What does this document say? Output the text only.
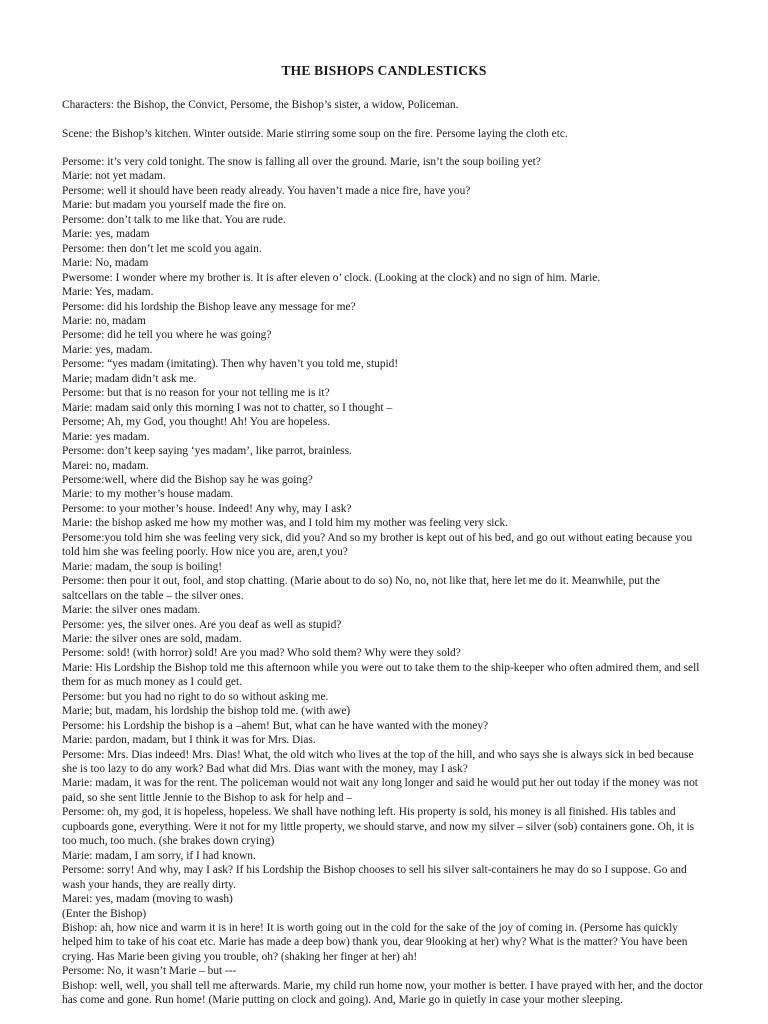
THE BISHOPS CANDLESTICKS

Characters: the Bishop, the Convict, Persome, the Bishop’s sister, a widow, Policeman.

Scene: the Bishop’s kitchen. Winter outside. Marie stirring some soup on the fire. Persome laying the cloth etc.

Persome: it’s very cold tonight. The snow is falling all over the ground. Marie, isn’t the soup boiling yet?

Marie: not yet madam.

Persome: well it should have been ready already. You haven’t made a nice fire, have you?

Marie: but madam you yourself made the fire on.

Persome: don’t talk to me like that. You are rude.

Marie: yes, madam

Persome: then don’t let me scold you again.

Marie: No, madam

Pwersome: I wonder where my brother is. It is after eleven o’ clock. (Looking at the clock) and no sign of him. Marie.

Marie: Yes, madam.

Persome: did his lordship the Bishop leave any message for me?

Marie: no, madam

Persome: did he tell you where he was going?

Marie: yes, madam.

Persome: “yes madam (imitating). Then why haven’t you told me, stupid!

Marie; madam didn’t ask me.

Persome: but that is no reason for your not telling me is it?

Marie: madam said only this morning I was not to chatter, so I thought –

Persome; Ah, my God, you thought! Ah! You are hopeless.

Marie: yes madam.

Persome: don’t keep saying ‘yes madam’, like parrot, brainless.

Marei: no, madam.

Persome:well, where did the Bishop say he was going?

Marie: to my mother’s house madam.

Persome: to your mother’s house. Indeed! Any why, may I ask?

Marie: the bishop asked me how my mother was, and I told him my mother was feeling very sick.

Persome:you told him she was feeling very sick, did you? And so my brother is kept out of his bed, and go out without eating because you told him she was feeling poorly. How nice you are, aren,t you?

Marie: madam, the soup is boiling!

Persome: then pour it out, fool, and stop chatting. (Marie about to do so) No, no, not like that, here let me do it. Meanwhile, put the saltcellars on the table – the silver ones.

Marie: the silver ones madam.

Persome: yes, the silver ones. Are you deaf as well as stupid?

Marie: the silver ones are sold, madam.

Persome: sold! (with horror) sold! Are you mad? Who sold them? Why were they sold?

Marie: His Lordship the Bishop told me this afternoon while you were out to take them to the ship-keeper who often admired them, and sell them for as much money as I could get.

Persome: but you had no right to do so without asking me.

Marie; but, madam, his lordship the bishop told me. (with awe)

Persome: his Lordship the bishop is a –ahem! But, what can he have wanted with the money?

Marie: pardon, madam, but I think it was for Mrs. Dias.

Persome: Mrs. Dias indeed! Mrs. Dias! What, the old witch who lives at the top of the hill, and who says she is always sick in bed because she is too lazy to do any work? Bad what did Mrs. Dias want with the money, may I ask?

Marie: madam, it was for the rent. The policeman would not wait any long longer and said he would put her out today if the money was not paid, so she sent little Jennie to the Bishop to ask for help and –

Persome: oh, my god, it is hopeless, hopeless. We shall have nothing left. His property is sold, his money is all finished. His tables and cupboards gone, everything. Were it not for my little property, we should starve, and now my silver – silver (sob) containers gone. Oh, it is too much, too much. (she brakes down crying)

Marie: madam, I am sorry, if I had known.

Persome: sorry! And why, may I ask? If his Lordship the Bishop chooses to sell his silver salt-containers he may do so I suppose. Go and wash your hands, they are really dirty.

Marei: yes, madam (moving to wash)

(Enter the Bishop)

Bishop: ah, how nice and warm it is in here! It is worth going out in the cold for the sake of the joy of coming in. (Persome has quickly helped him to take of his coat etc. Marie has made a deep bow) thank you, dear 9looking at her) why? What is the matter? You have been crying. Has Marie been giving you trouble, oh? (shaking her finger at her) ah!

Persome: No, it wasn’t Marie – but ---

Bishop: well, well, you shall tell me afterwards. Marie, my child run home now, your mother is better. I have prayed with her, and the doctor has come and gone. Run home! (Marie putting on clock and going). And, Marie go in quietly in case your mother sleeping.
